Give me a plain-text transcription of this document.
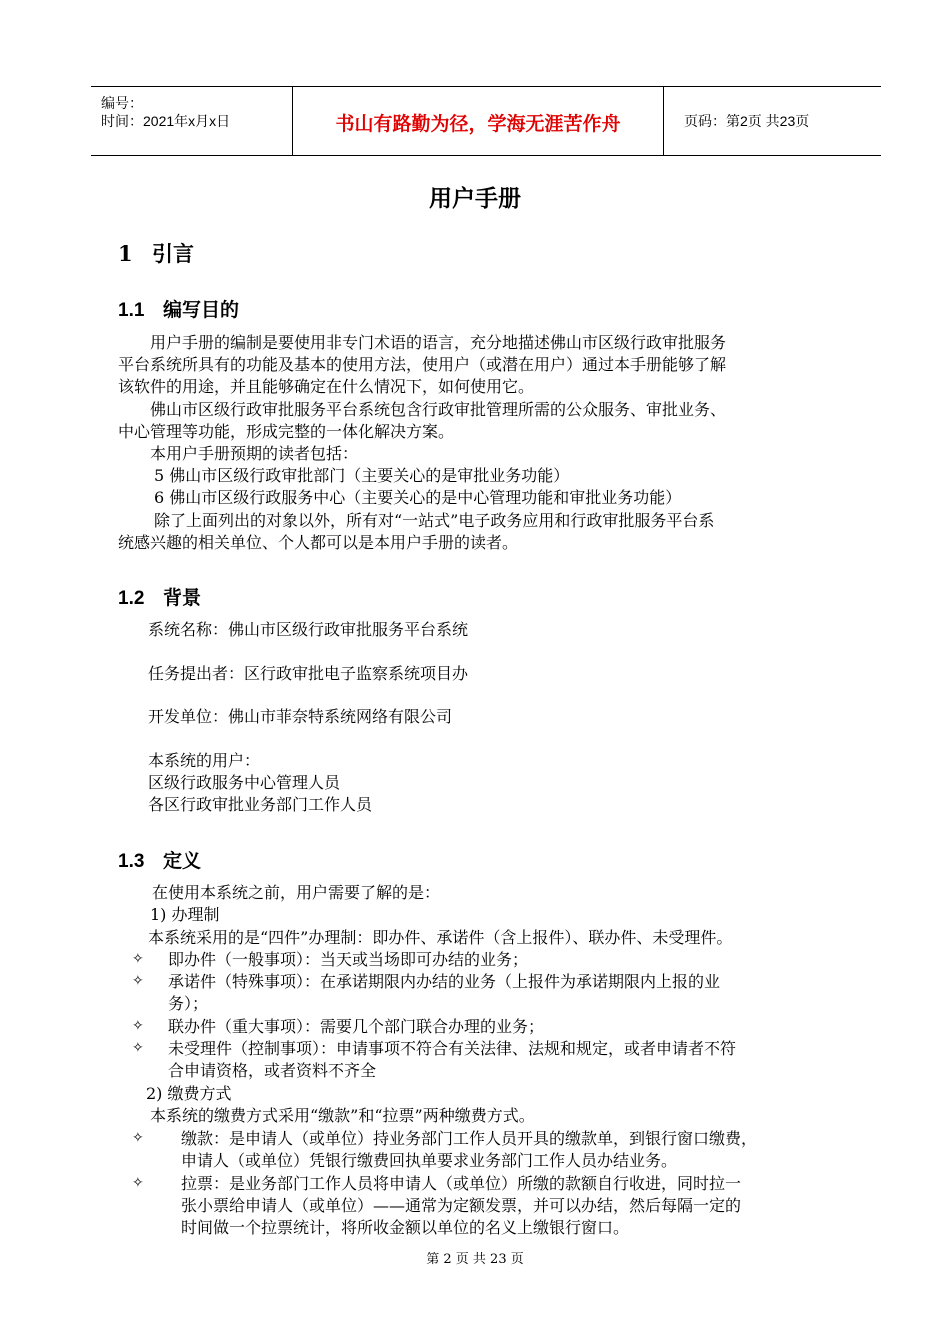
编号：
时间：2021年x月x日	书山有路勤为径，学海无涯苦作舟	页码：第2页 共23页
用户手册
1 引言
1.1 编写目的
用户手册的编制是要使用非专门术语的语言，充分地描述佛山市区级行政审批服务
平台系统所具有的功能及基本的使用方法，使用户（或潜在用户）通过本手册能够了解
该软件的用途，并且能够确定在什么情况下，如何使用它。
佛山市区级行政审批服务平台系统包含行政审批管理所需的公众服务、审批业务、
中心管理等功能，形成完整的一体化解决方案。
本用户手册预期的读者包括：
5 佛山市区级行政审批部门（主要关心的是审批业务功能）
6 佛山市区级行政服务中心（主要关心的是中心管理功能和审批业务功能）
除了上面列出的对象以外，所有对“一站式”电子政务应用和行政审批服务平台系
统感兴趣的相关单位、个人都可以是本用户手册的读者。
1.2 背景
系统名称：佛山市区级行政审批服务平台系统
任务提出者：区行政审批电子监察系统项目办
开发单位：佛山市菲奈特系统网络有限公司
本系统的用户：
区级行政服务中心管理人员
各区行政审批业务部门工作人员
1.3 定义
在使用本系统之前，用户需要了解的是：
1) 办理制
本系统采用的是“四件”办理制：即办件、承诺件（含上报件）、联办件、未受理件。
✧ 即办件（一般事项）：当天或当场即可办结的业务；
✧ 承诺件（特殊事项）：在承诺期限内办结的业务（上报件为承诺期限内上报的业
务）；
✧ 联办件（重大事项）：需要几个部门联合办理的业务；
✧ 未受理件（控制事项）：申请事项不符合有关法律、法规和规定，或者申请者不符
合申请资格，或者资料不齐全
2) 缴费方式
本系统的缴费方式采用“缴款”和“拉票”两种缴费方式。
✧ 缴款：是申请人（或单位）持业务部门工作人员开具的缴款单，到银行窗口缴费，
申请人（或单位）凭银行缴费回执单要求业务部门工作人员办结业务。
✧ 拉票：是业务部门工作人员将申请人（或单位）所缴的款额自行收进，同时拉一
张小票给申请人（或单位）——通常为定额发票，并可以办结，然后每隔一定的
时间做一个拉票统计，将所收金额以单位的名义上缴银行窗口。
第 2 页 共 23 页
